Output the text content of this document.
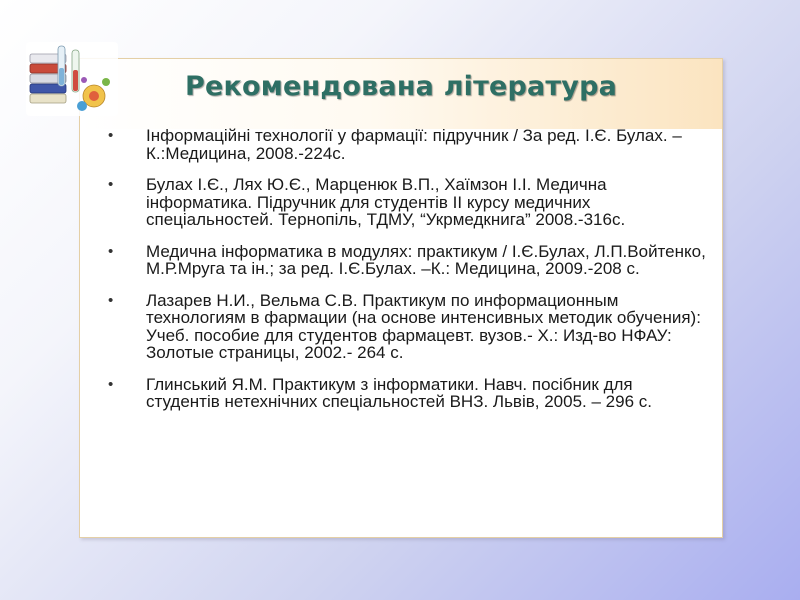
Рекомендована література
• Інформаційні технології у фармації: підручник / За ред. І.Є. Булах. – К.:Медицина, 2008.-224с.
• Булах І.Є., Лях Ю.Є., Марценюк В.П., Хаїмзон І.І. Медична інформатика. Підручник для студентів ІІ курсу медичних спеціальностей. Тернопіль, ТДМУ, “Укрмедкнига” 2008.-316с.
• Медична інформатика в модулях: практикум / І.Є.Булах, Л.П.Войтенко, М.Р.Мруга та ін.; за ред. І.Є.Булах. –К.: Медицина, 2009.-208 с.
• Лазарев Н.И., Вельма С.В. Практикум по информационным технологиям в фармации (на основе интенсивных методик обучения): Учеб. пособие для студентов фармацевт. вузов.- Х.: Изд-во НФАУ: Золотые страницы, 2002.- 264 с.
• Глинський Я.М. Практикум з інформатики. Навч. посібник для студентів нетехнічних спеціальностей ВНЗ. Львів, 2005. – 296 с.
